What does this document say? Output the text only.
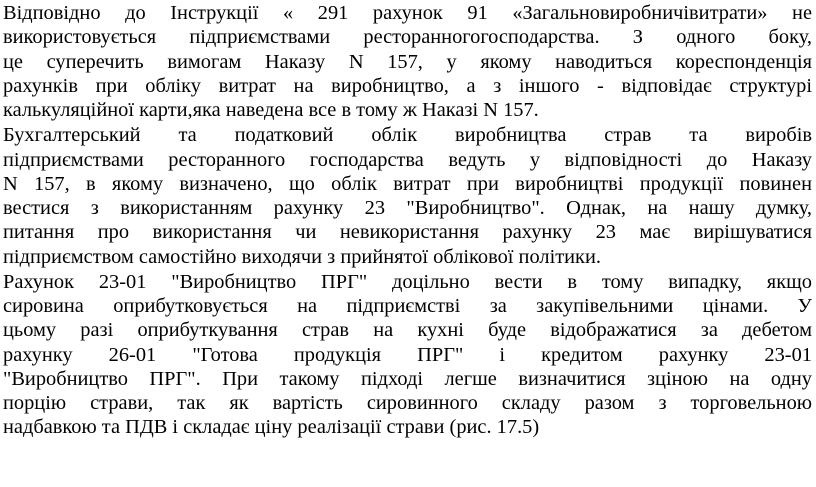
Відповідно до Інструкції « 291 рахунок 91 «Загальновиробничівитрати» не
використовується підприємствами ресторанногогосподарства. З одного боку,
це суперечить вимогам Наказу N 157, у якому наводиться кореспонденція
рахунків при обліку витрат на виробництво, а з іншого - відповідає структурі
калькуляційної карти,яка наведена все в тому ж Наказі N 157.

Бухгалтерський та податковий облік виробництва страв та виробів
підприємствами ресторанного господарства ведуть у відповідності до Наказу
N 157, в якому визначено, що облік витрат при виробництві продукції повинен
вестися з використанням рахунку 23 "Виробництво". Однак, на нашу думку,
питання про використання чи невикористання рахунку 23 має вирішуватися
підприємством самостійно виходячи з прийнятої облікової політики.

Рахунок 23-01 "Виробництво ПРГ" доцільно вести в тому випадку, якщо
сировина оприбутковується на підприємстві за закупівельними цінами. У
цьому разі оприбуткування страв на кухні буде відображатися за дебетом
рахунку 26-01 "Готова продукція ПРГ" і кредитом рахунку 23-01
"Виробництво ПРГ". При такому підході легше визначитися зціною на одну
порцію страви, так як вартість сировинного складу разом з торговельною
надбавкою та ПДВ і складає ціну реалізації страви (рис. 17.5)
